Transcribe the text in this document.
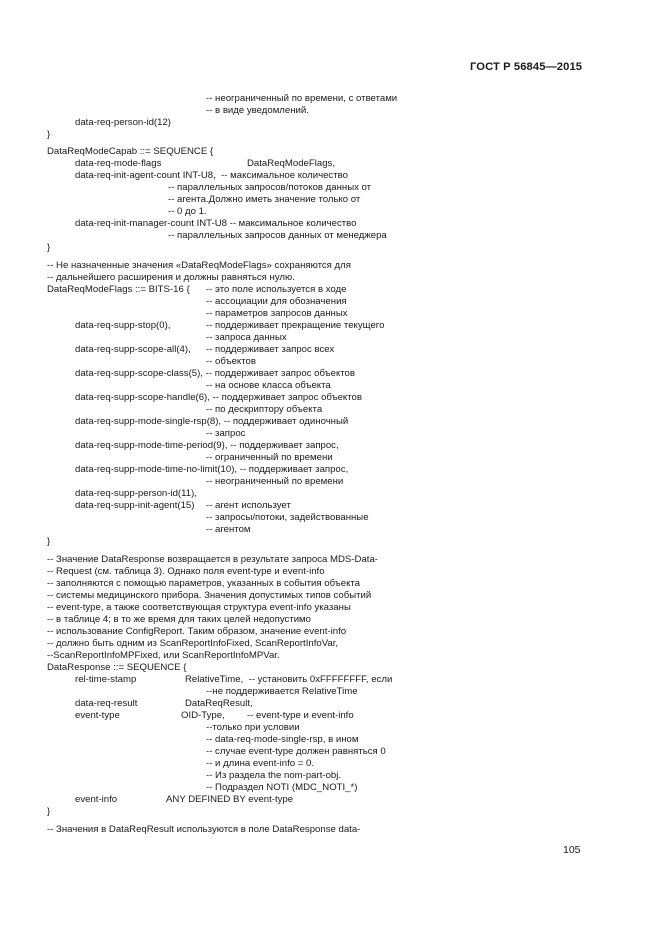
ГОСТ Р 56845—2015
-- неограниченный по времени, с ответами
-- в виде уведомлений.
data-req-person-id(12)
}
DataReqModeCapab ::= SEQUENCE {
data-req-mode-flags	DataReqModeFlags,
data-req-init-agent-count INT-U8,  -- максимальное количество
-- параллельных запросов/потоков данных от
-- агента.Должно иметь значение только от
-- 0 до 1.
data-req-init-manager-count INT-U8 -- максимальное количество
-- параллельных запросов данных от менеджера
}
-- Не назначенные значения «DataReqModeFlags» сохраняются для
-- дальнейшего расширения и должны равняться нулю.
DataReqModeFlags ::= BITS-16 { -- это поле используется в ходе
-- ассоциации для обозначения
-- параметров запросов данных
data-req-supp-stop(0),	-- поддерживает прекращение текущего
-- запроса данных
data-req-supp-scope-all(4), -- поддерживает запрос всех
-- объектов
data-req-supp-scope-class(5), -- поддерживает запрос объектов
-- на основе класса объекта
data-req-supp-scope-handle(6), -- поддерживает запрос объектов
-- по дескриптору объекта
data-req-supp-mode-single-rsp(8), -- поддерживает одиночный
-- запрос
data-req-supp-mode-time-period(9), -- поддерживает запрос,
-- ограниченный по времени
data-req-supp-mode-time-no-limit(10), -- поддерживает запрос,
-- неограниченный по времени
data-req-supp-person-id(11),
data-req-supp-init-agent(15) -- агент использует
-- запросы/потоки, задействованные
-- агентом
}
-- Значение DataResponse возвращается в результате запроса MDS-Data-
-- Request (см. таблица 3). Однако поля event-type и event-info
-- заполняются с помощью параметров, указанных в события объекта
-- системы медицинского прибора. Значения допустимых типов событий
-- event-type, а также соответствующая структура event-info указаны
-- в таблице 4; в то же время для таких целей недопустимо
-- использование ConfigReport. Таким образом, значение event-info
-- должно быть одним из ScanReportInfoFixed, ScanReportInfoVar,
--ScanReportInfoMPFixed, или ScanReportInfoMPVar.
DataResponse ::= SEQUENCE {
rel-time-stamp	RelativeTime,  -- установить 0xFFFFFFFF, если
--не поддерживается RelativeTime
data-req-result	DataReqResult,
event-type	OID-Type, -- event-type и event-info
--только при условии
-- data-req-mode-single-rsp, в ином
-- случае event-type должен равняться 0
-- и длина event-info = 0.
-- Из раздела the nom-part-obj.
-- Подраздел NOTI (MDC_NOTI_*)
event-info	ANY DEFINED BY event-type
}
-- Значения в DataReqResult используются в поле DataResponse data-
105
